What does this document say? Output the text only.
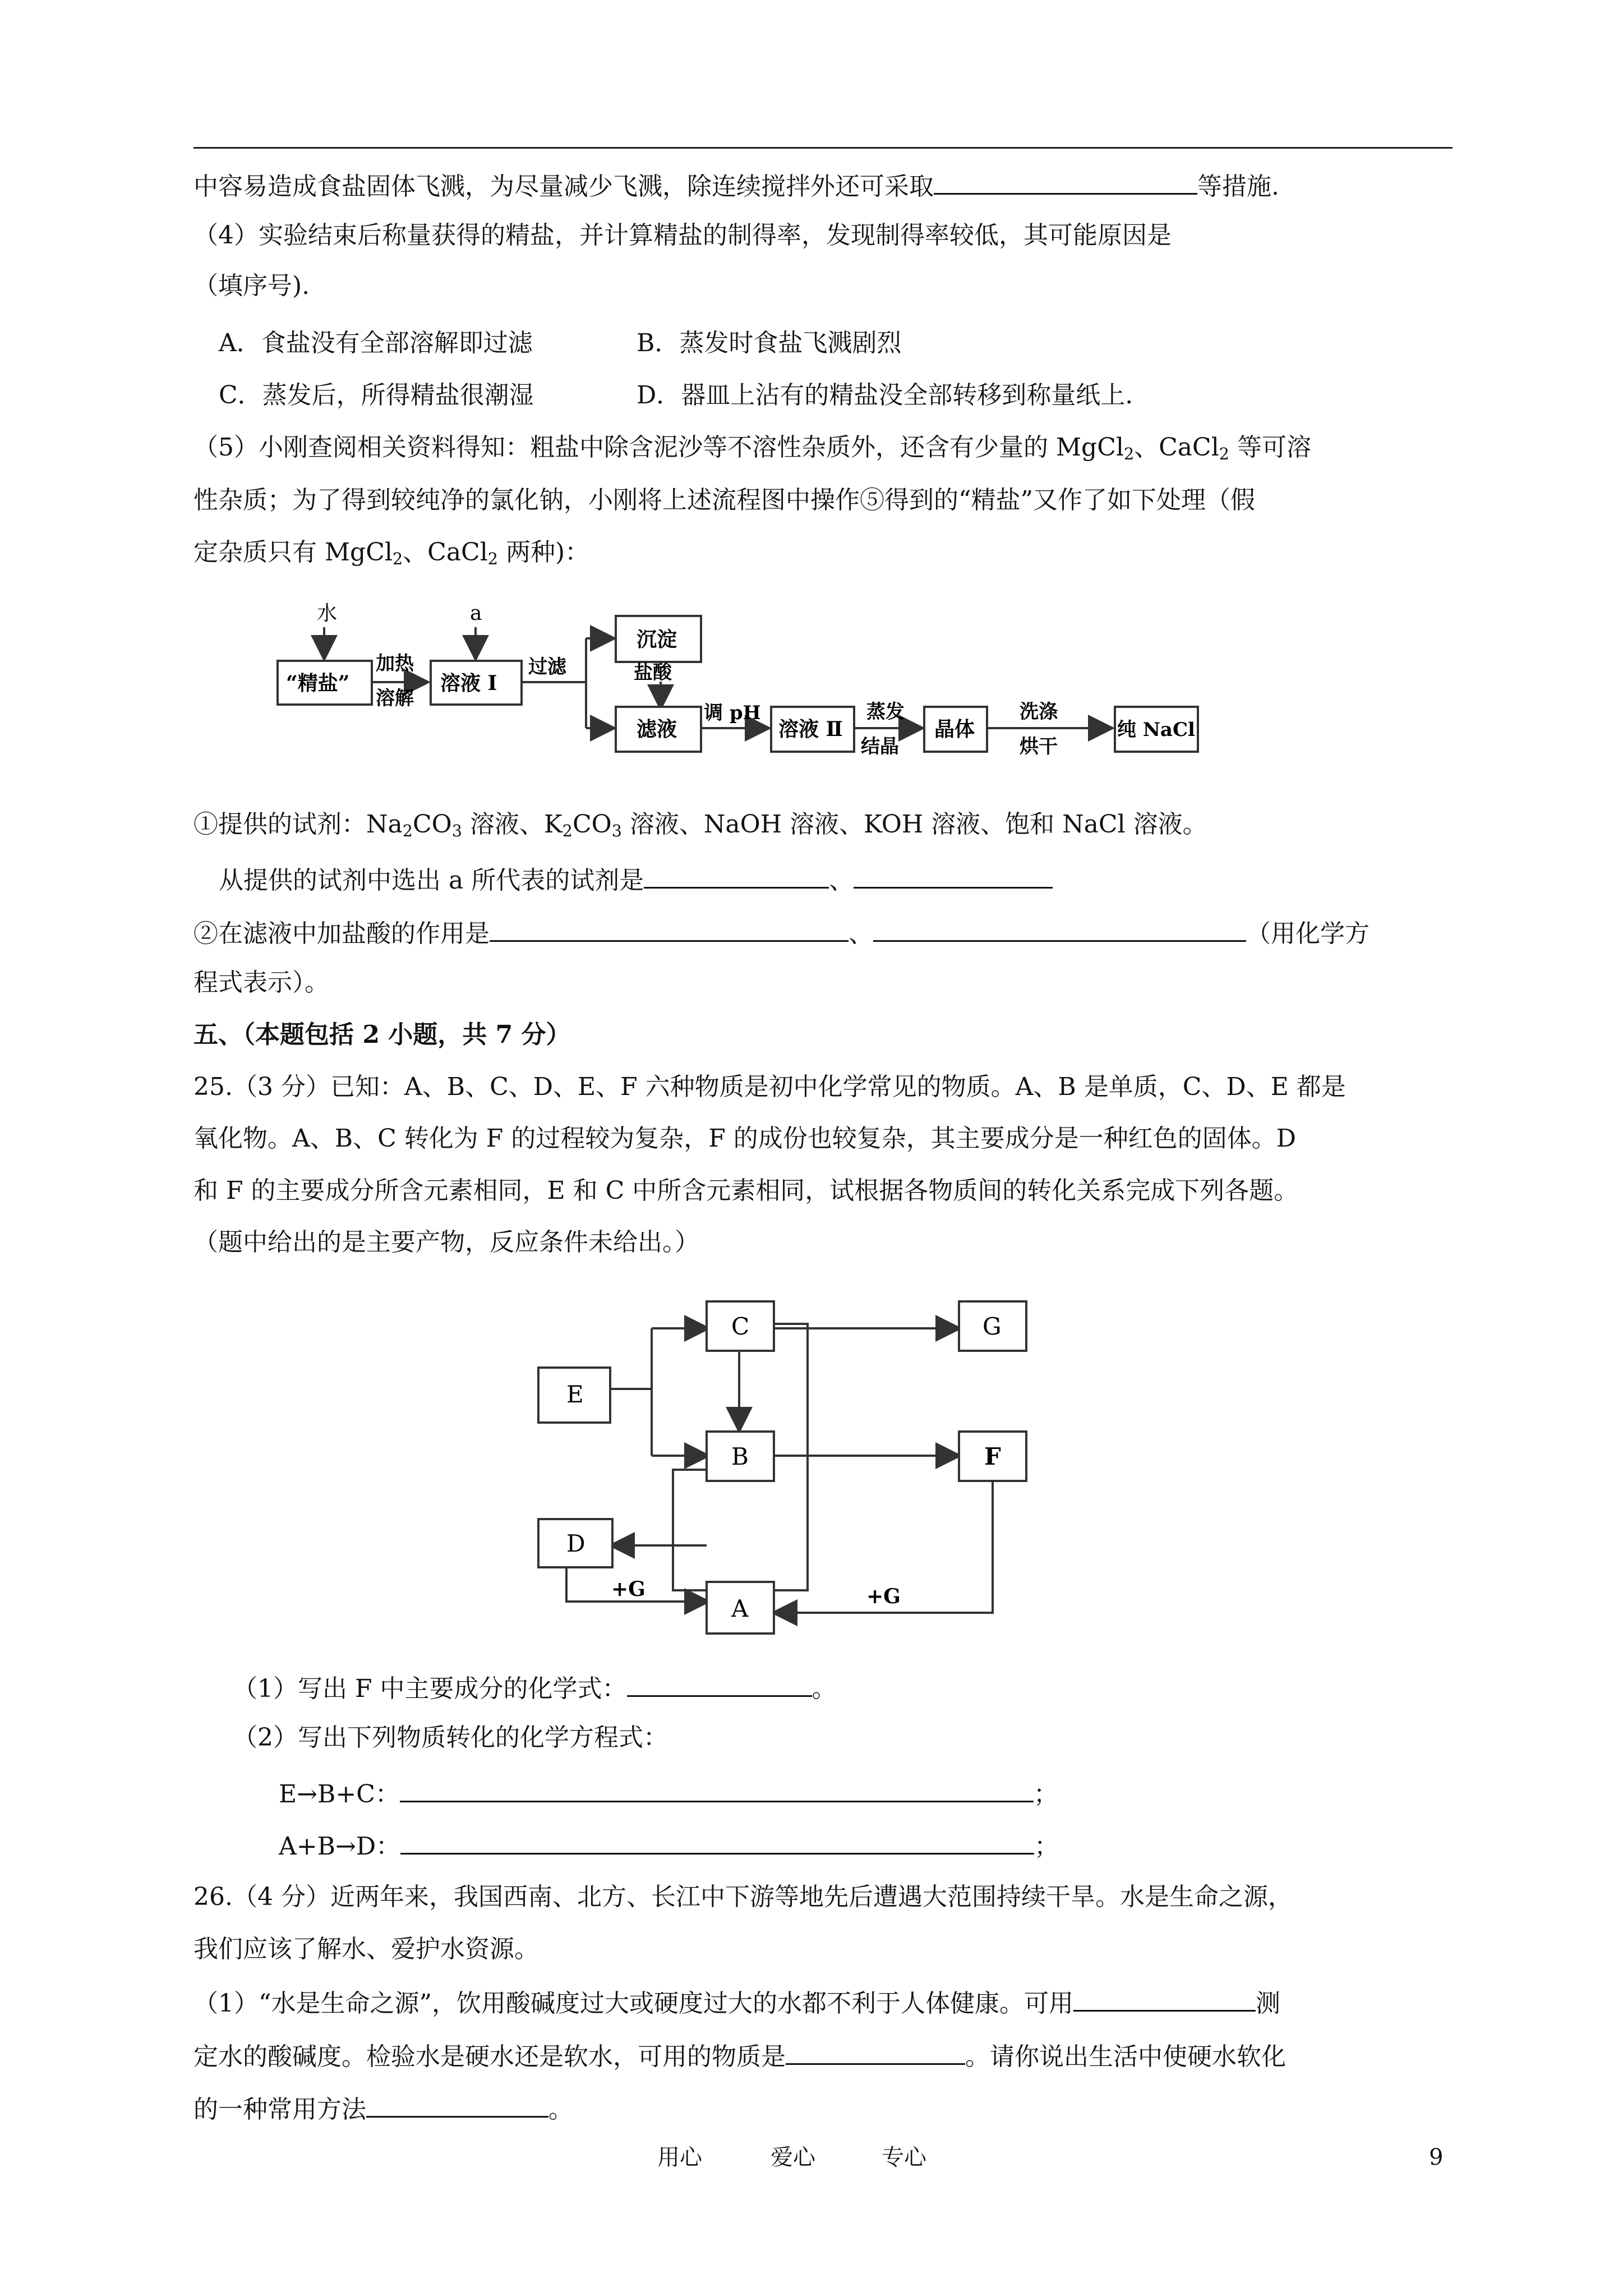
中容易造成食盐固体飞溅，为尽量减少飞溅，除连续搅拌外还可采取	等措施.
（4）实验结束后称量获得的精盐，并计算精盐的制得率，发现制得率较低，其可能原因是
（填序号).
A．食盐没有全部溶解即过滤	B．蒸发时食盐飞溅剧烈
C．蒸发后，所得精盐很潮湿	D．器皿上沾有的精盐没全部转移到称量纸上.
（5）小刚查阅相关资料得知：粗盐中除含泥沙等不溶性杂质外，还含有少量的 MgCl$_2$、CaCl$_2$ 等可溶
性杂质；为了得到较纯净的氯化钠，小刚将上述流程图中操作⑤得到的“精盐”又作了如下处理（假
定杂质只有 MgCl$_2$、CaCl$_2$ 两种)：
水
“精盐”
加热
溶解
a
溶液 Ⅰ
过滤
沉淀
盐酸
滤液
调 pH
溶液 Ⅱ
蒸发
结晶
晶体
洗涤
烘干
纯 NaCl
①提供的试剂：$Na_2CO_3$ 溶液、$K_2CO_3$ 溶液、NaOH 溶液、KOH 溶液、饱和 NaCl 溶液。
从提供的试剂中选出 a 所代表的试剂是	、
②在滤液中加盐酸的作用是	、	（用化学方
程式表示）。
五、（本题包括 2 小题，共 7 分）
25.（3 分）已知：A、B、C、D、E、F 六种物质是初中化学常见的物质。A、B 是单质，C、D、E 都是
氧化物。A、B、C 转化为 F 的过程较为复杂，F 的成份也较复杂，其主要成分是一种红色的固体。D
和 F 的主要成分所含元素相同，E 和 C 中所含元素相同，试根据各物质间的转化关系完成下列各题。
（题中给出的是主要产物，反应条件未给出。）
E
C	G
B	F
D
A
+G	+G
（1）写出 F 中主要成分的化学式：	。
（2）写出下列物质转化的化学方程式：
E→B+C：	；
A+B→D：	；
26.（4 分）近两年来，我国西南、北方、长江中下游等地先后遭遇大范围持续干旱。水是生命之源，
我们应该了解水、爱护水资源。
（1）“水是生命之源”，饮用酸碱度过大或硬度过大的水都不利于人体健康。可用	测
定水的酸碱度。检验水是硬水还是软水，可用的物质是	。请你说出生活中使硬水软化
的一种常用方法	。
用心	爱心	专心	9
